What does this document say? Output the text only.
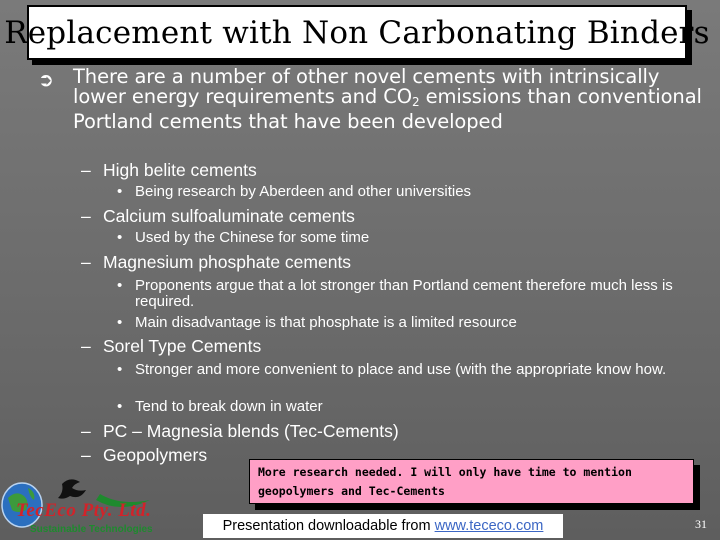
Replacement with Non Carbonating Binders
➲ There are a number of other novel cements with intrinsically lower energy requirements and $CO_2$ emissions than conventional Portland cements that have been developed
– High belite cements
• Being research by Aberdeen and other universities
– Calcium sulfoaluminate cements
• Used by the Chinese for some time
– Magnesium phosphate cements
• Proponents argue that a lot stronger than Portland cement therefore much less is required.
• Main disadvantage is that phosphate is a limited resource
– Sorel Type Cements
• Stronger and more convenient to place and use (with the appropriate know how.
• Tend to break down in water
– PC – Magnesia blends (Tec-Cements)
– Geopolymers
More research needed. I will only have time to mention geopolymers and Tec-Cements
TecEco Pty. Ltd.
Sustainable Technologies	Presentation downloadable from www.tececo.com	31
